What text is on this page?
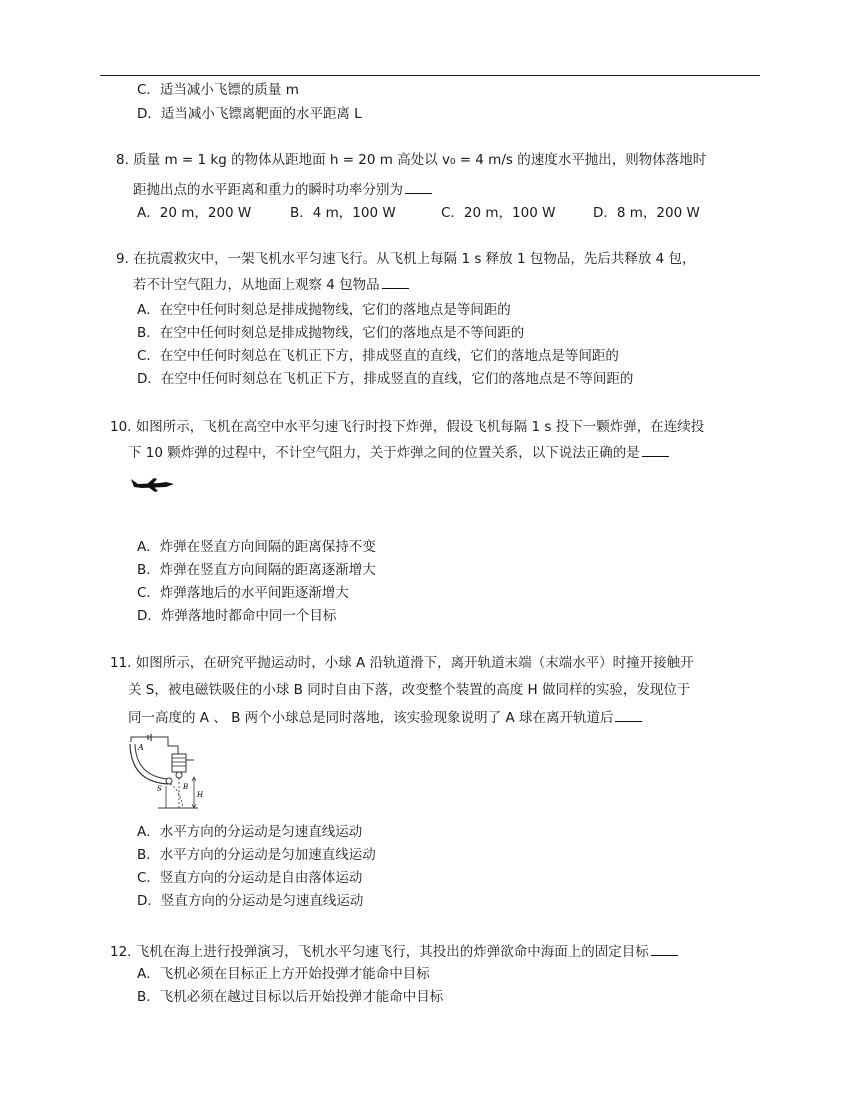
C．适当减小飞镖的质量 m
D．适当减小飞镖离靶面的水平距离 L
8. 质量 m = 1 kg 的物体从距地面 h = 20 m 高处以 v₀ = 4 m/s 的速度水平抛出，则物体落地时
距抛出点的水平距离和重力的瞬时功率分别为
A．20 m，200 W	B．4 m，100 W	C．20 m，100 W	D．8 m，200 W
9. 在抗震救灾中，一架飞机水平匀速飞行。从飞机上每隔 1 s 释放 1 包物品，先后共释放 4 包，
若不计空气阻力，从地面上观察 4 包物品
A．在空中任何时刻总是排成抛物线，它们的落地点是等间距的
B．在空中任何时刻总是排成抛物线，它们的落地点是不等间距的
C．在空中任何时刻总在飞机正下方，排成竖直的直线，它们的落地点是等间距的
D．在空中任何时刻总在飞机正下方，排成竖直的直线，它们的落地点是不等间距的
10. 如图所示，飞机在高空中水平匀速飞行时投下炸弹，假设飞机每隔 1 s 投下一颗炸弹，在连续投
下 10 颗炸弹的过程中，不计空气阻力，关于炸弹之间的位置关系，以下说法正确的是
A．炸弹在竖直方向间隔的距离保持不变
B．炸弹在竖直方向间隔的距离逐渐增大
C．炸弹落地后的水平间距逐渐增大
D．炸弹落地时都命中同一个目标
11. 如图所示，在研究平抛运动时，小球 A 沿轨道滑下，离开轨道末端（末端水平）时撞开接触开
关 S，被电磁铁吸住的小球 B 同时自由下落，改变整个装置的高度 H 做同样的实验，发现位于
同一高度的 A 、 B 两个小球总是同时落地，该实验现象说明了 A 球在离开轨道后
A
S	B
H
A．水平方向的分运动是匀速直线运动
B．水平方向的分运动是匀加速直线运动
C．竖直方向的分运动是自由落体运动
D．竖直方向的分运动是匀速直线运动
12. 飞机在海上进行投弹演习，飞机水平匀速飞行，其投出的炸弹欲命中海面上的固定目标
A．飞机必须在目标正上方开始投弹才能命中目标
B．飞机必须在越过目标以后开始投弹才能命中目标
